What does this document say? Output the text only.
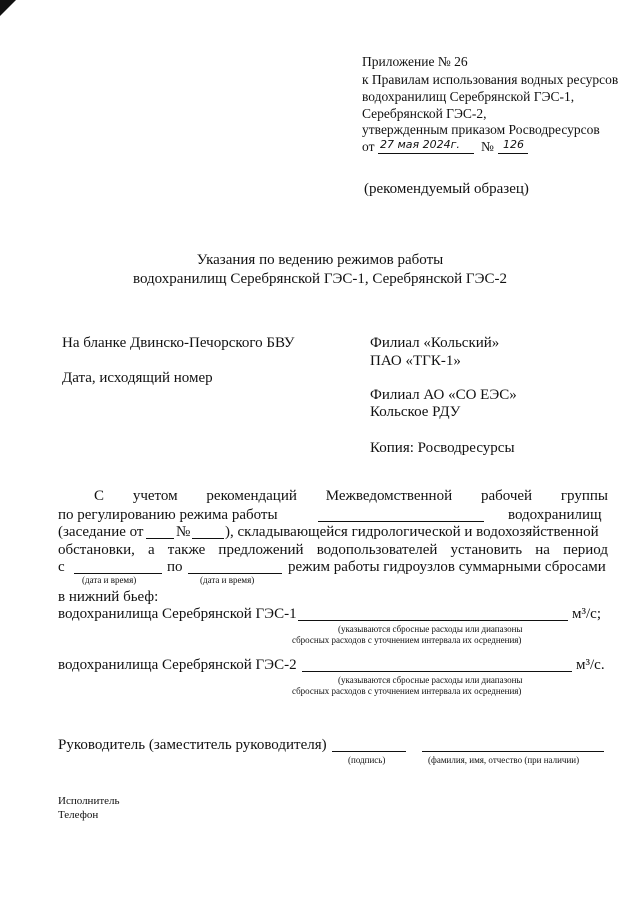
Приложение № 26
к Правилам использования водных ресурсов
водохранилищ Серебрянской ГЭС-1,
Серебрянской ГЭС-2,
утвержденным приказом Росводресурсов
от 27 мая 2024г. № 126
(рекомендуемый образец)
Указания по ведению режимов работы
водохранилищ Серебрянской ГЭС-1, Серебрянской ГЭС-2
На бланке Двинско-Печорского БВУ
Дата, исходящий номер
Филиал «Кольский»
ПАО «ТГК-1»
Филиал АО «СО ЕЭС»
Кольское РДУ
Копия: Росводресурсы
С учетом рекомендаций Межведомственной рабочей группы
по регулированию режима работы	водохранилищ
(заседание от № ), складывающейся гидрологической и водохозяйственной
обстановки, а также предложений водопользователей установить на период
с	по	режим работы гидроузлов суммарными сбросами
(дата и время)	(дата и время)
в нижний бьеф:
водохранилища Серебрянской ГЭС-1	м³/с;
(указываются сбросные расходы или диапазоны
сбросных расходов с уточнением интервала их осреднения)
водохранилища Серебрянской ГЭС-2	м³/с.
(указываются сбросные расходы или диапазоны
сбросных расходов с уточнением интервала их осреднения)
Руководитель (заместитель руководителя)
(подпись)	(фамилия, имя, отчество (при наличии)
Исполнитель
Телефон
